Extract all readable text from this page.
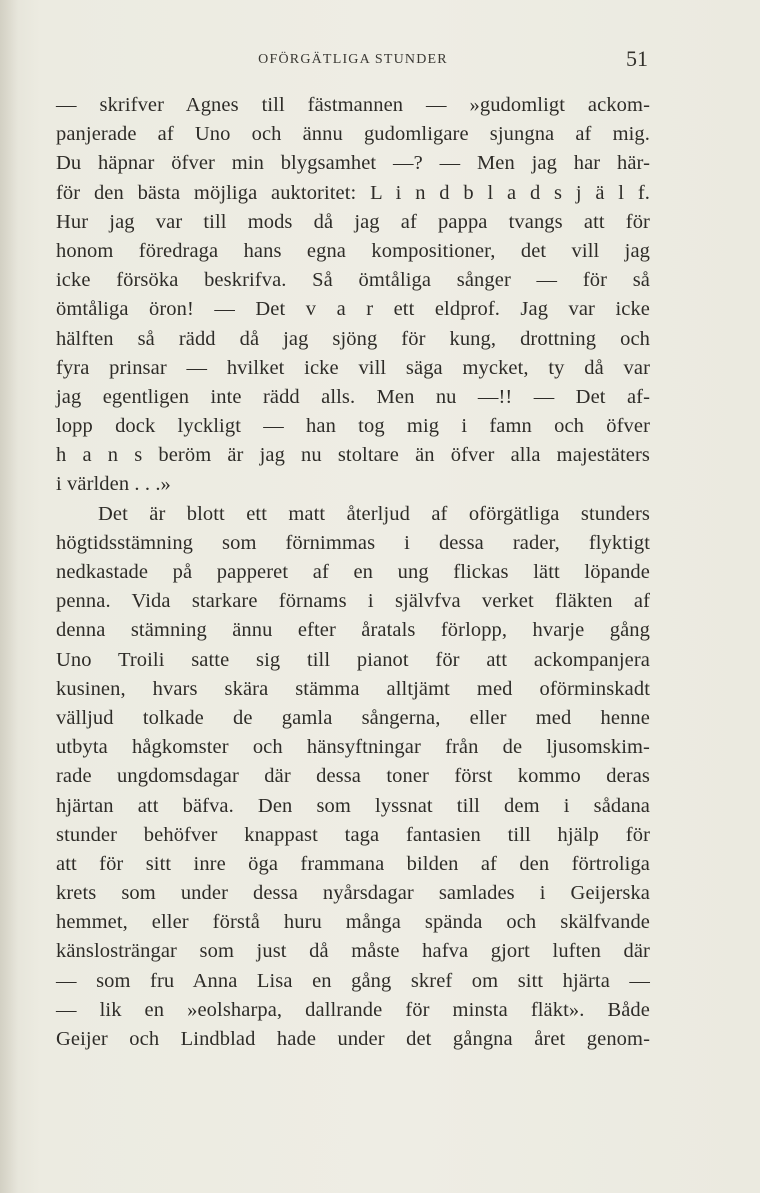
OFÖRGÄTLIGA STUNDER	51
— skrifver Agnes till fästmannen — »gudomligt ackom-
panjerade af Uno och ännu gudomligare sjungna af mig.
Du häpnar öfver min blygsamhet —? — Men jag har här-
för den bästa möjliga auktoritet: L i n d b l a d s j ä l f.
Hur jag var till mods då jag af pappa tvangs att för
honom föredraga hans egna kompositioner, det vill jag
icke försöka beskrifva. Så ömtåliga sånger — för så
ömtåliga öron! — Det v a r ett eldprof. Jag var icke
hälften så rädd då jag sjöng för kung, drottning och
fyra prinsar — hvilket icke vill säga mycket, ty då var
jag egentligen inte rädd alls. Men nu —!! — Det af-
lopp dock lyckligt — han tog mig i famn och öfver
h a n s beröm är jag nu stoltare än öfver alla majestäters
i världen . . .»
Det är blott ett matt återljud af oförgätliga stunders
högtidsstämning som förnimmas i dessa rader, flyktigt
nedkastade på papperet af en ung flickas lätt löpande
penna. Vida starkare förnams i självfva verket fläkten af
denna stämning ännu efter åratals förlopp, hvarje gång
Uno Troili satte sig till pianot för att ackompanjera
kusinen, hvars skära stämma alltjämt med oförminskadt
välljud tolkade de gamla sångerna, eller med henne
utbyta hågkomster och hänsyftningar från de ljusomskim-
rade ungdomsdagar där dessa toner först kommo deras
hjärtan att bäfva. Den som lyssnat till dem i sådana
stunder behöfver knappast taga fantasien till hjälp för
att för sitt inre öga frammana bilden af den förtroliga
krets som under dessa nyårsdagar samlades i Geijerska
hemmet, eller förstå huru många spända och skälfvande
känslosträngar som just då måste hafva gjort luften där
— som fru Anna Lisa en gång skref om sitt hjärta —
— lik en »eolsharpa, dallrande för minsta fläkt». Både
Geijer och Lindblad hade under det gångna året genom-
